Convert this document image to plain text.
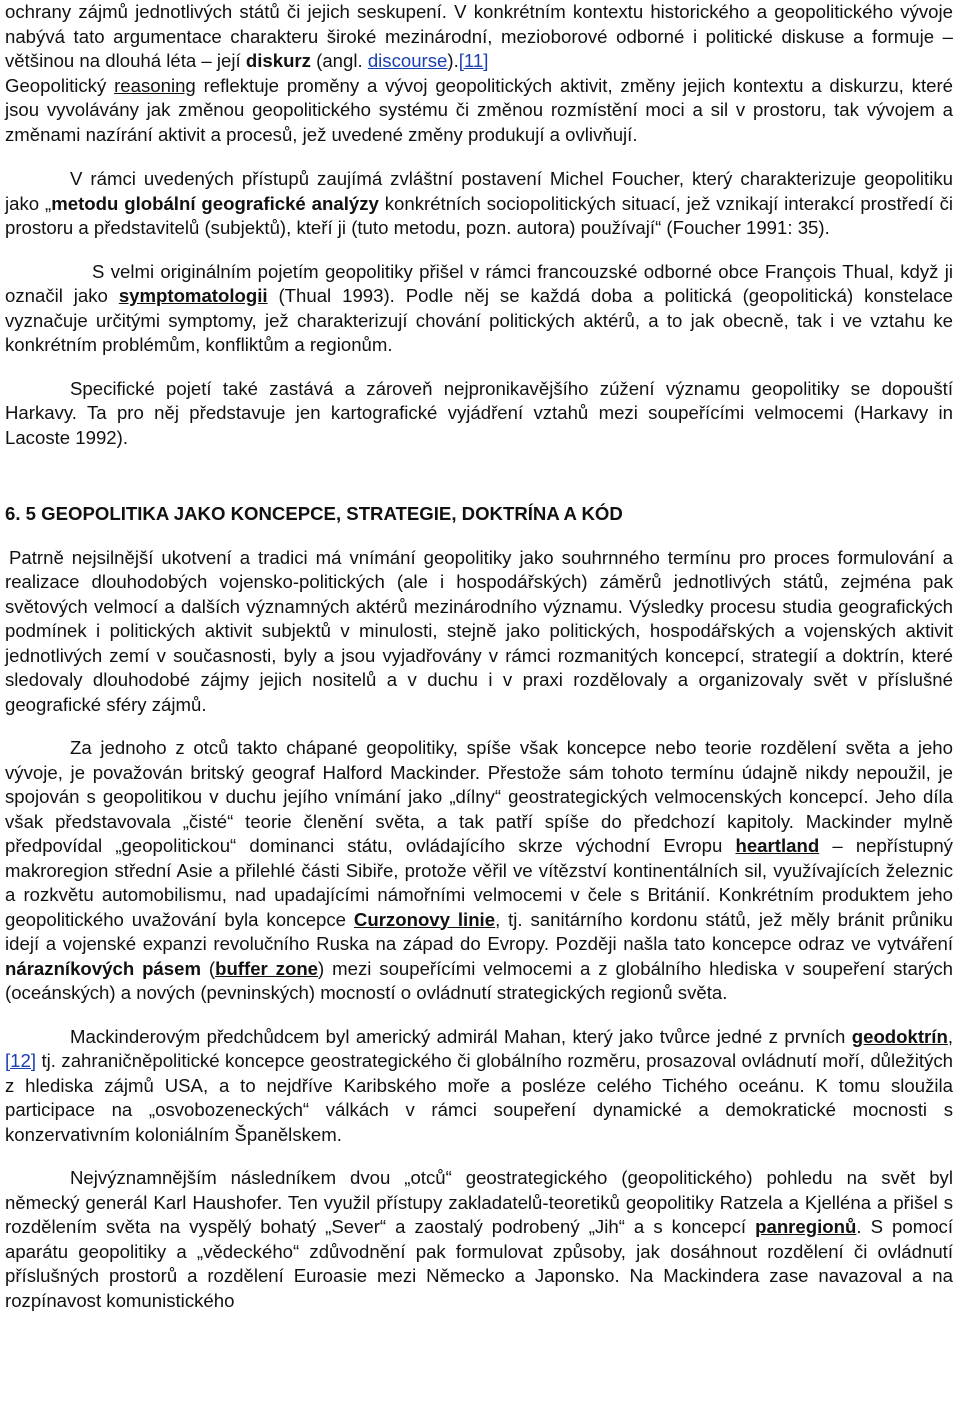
ochrany zájmů jednotlivých států či jejich seskupení. V konkrétním kontextu historického a geopolitického vývoje nabývá tato argumentace charakteru široké mezinárodní, mezioborové odborné i politické diskuse a formuje – většinou na dlouhá léta – její diskurz (angl. discourse).[11]

Geopolitický reasoning reflektuje proměny a vývoj geopolitických aktivit, změny jejich kontextu a diskurzu, které jsou vyvolávány jak změnou geopolitického systému či změnou rozmístění moci a sil v prostoru, tak vývojem a změnami nazírání aktivit a procesů, jež uvedené změny produkují a ovlivňují.

V rámci uvedených přístupů zaujímá zvláštní postavení Michel Foucher, který charakterizuje geopolitiku jako „metodu globální geografické analýzy konkrétních sociopolitických situací, jež vznikají interakcí prostředí či prostoru a představitelů (subjektů), kteří ji (tuto metodu, pozn. autora) používají“ (Foucher 1991: 35).

S velmi originálním pojetím geopolitiky přišel v rámci francouzské odborné obce François Thual, když ji označil jako symptomatologii (Thual 1993). Podle něj se každá doba a politická (geopolitická) konstelace vyznačuje určitými symptomy, jež charakterizují chování politických aktérů, a to jak obecně, tak i ve vztahu ke konkrétním problémům, konfliktům a regionům.

Specifické pojetí také zastává a zároveň nejpronikavějšího zúžení významu geopolitiky se dopouští Harkavy. Ta pro něj představuje jen kartografické vyjádření vztahů mezi soupeřícími velmocemi (Harkavy in Lacoste 1992).

6. 5 GEOPOLITIKA JAKO KONCEPCE, STRATEGIE, DOKTRÍNA A KÓD

Patrně nejsilnější ukotvení a tradici má vnímání geopolitiky jako souhrnného termínu pro proces formulování a realizace dlouhodobých vojensko-politických (ale i hospodářských) záměrů jednotlivých států, zejména pak světových velmocí a dalších významných aktérů mezinárodního významu. Výsledky procesu studia geografických podmínek i politických aktivit subjektů v minulosti, stejně jako politických, hospodářských a vojenských aktivit jednotlivých zemí v současnosti, byly a jsou vyjadřovány v rámci rozmanitých koncepcí, strategií a doktrín, které sledovaly dlouhodobé zájmy jejich nositelů a v duchu i v praxi rozdělovaly a organizovaly svět v příslušné geografické sféry zájmů.

Za jednoho z otců takto chápané geopolitiky, spíše však koncepce nebo teorie rozdělení světa a jeho vývoje, je považován britský geograf Halford Mackinder. Přestože sám tohoto termínu údajně nikdy nepoužil, je spojován s geopolitikou v duchu jejího vnímání jako „dílny“ geostrategických velmocenských koncepcí. Jeho díla však představovala „čisté“ teorie členění světa, a tak patří spíše do předchozí kapitoly. Mackinder mylně předpovídal „geopolitickou“ dominanci státu, ovládajícího skrze východní Evropu heartland – nepřístupný makroregion střední Asie a přilehlé části Sibiře, protože věřil ve vítězství kontinentálních sil, využívajících železnic a rozkvětu automobilismu, nad upadajícími námořními velmocemi v čele s Británií. Konkrétním produktem jeho geopolitického uvažování byla koncepce Curzonovy linie, tj. sanitárního kordonu států, jež měly bránit průniku idejí a vojenské expanzi revolučního Ruska na západ do Evropy. Později našla tato koncepce odraz ve vytváření nárazníkových pásem (buffer zone) mezi soupeřícími velmocemi a z globálního hlediska v soupeření starých (oceánských) a nových (pevninských) mocností o ovládnutí strategických regionů světa.

Mackinderovým předchůdcem byl americký admirál Mahan, který jako tvůrce jedné z prvních geodoktrín,[12] tj. zahraničněpolitické koncepce geostrategického či globálního rozměru, prosazoval ovládnutí moří, důležitých z hlediska zájmů USA, a to nejdříve Karibského moře a posléze celého Tichého oceánu. K tomu sloužila participace na „osvobozeneckých“ válkách v rámci soupeření dynamické a demokratické mocnosti s konzervativním koloniálním Španělskem.

Nejvýznamnějším následníkem dvou „otců“ geostrategického (geopolitického) pohledu na svět byl německý generál Karl Haushofer. Ten využil přístupy zakladatelů-teoretiků geopolitiky Ratzela a Kjelléna a přišel s rozdělením světa na vyspělý bohatý „Sever“ a zaostalý podrobený „Jih“ a s koncepcí panregionů. S pomocí aparátu geopolitiky a „vědeckého“ zdůvodnění pak formulovat způsoby, jak dosáhnout rozdělení či ovládnutí příslušných prostorů a rozdělení Euroasie mezi Německo a Japonsko. Na Mackindera zase navazoval a na rozpínavost komunistického
